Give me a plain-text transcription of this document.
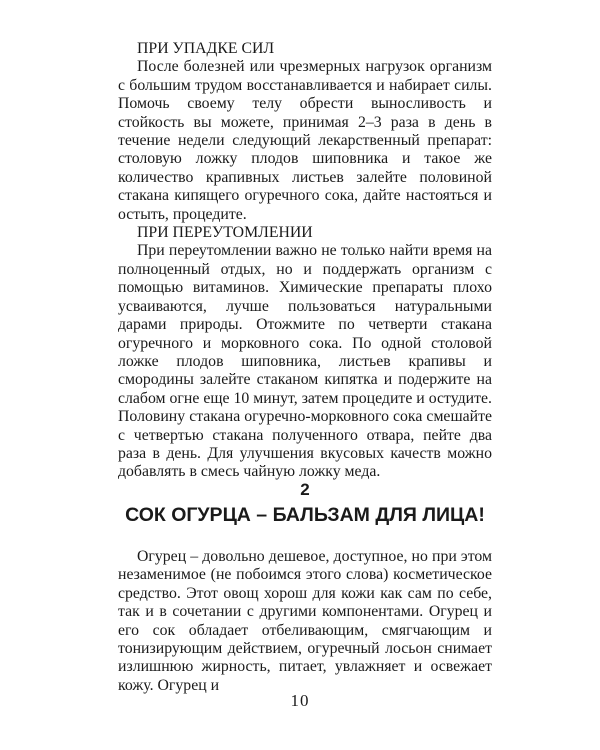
ПРИ УПАДКЕ СИЛ

После болезней или чрезмерных нагрузок организм с большим трудом восстанавливается и набирает силы. Помочь своему телу обрести выносливость и стойкость вы можете, принимая 2–3 раза в день в течение недели следующий лекарственный препарат: столовую ложку плодов шиповника и такое же количество крапивных листьев залейте половиной стакана кипящего огуречного сока, дайте настояться и остыть, процедите.

ПРИ ПЕРЕУТОМЛЕНИИ

При переутомлении важно не только найти время на полноценный отдых, но и поддержать организм с помощью витаминов. Химические препараты плохо усваиваются, лучше пользоваться натуральными дарами природы. Отожмите по четверти стакана огуречного и морковного сока. По одной столовой ложке плодов шиповника, листьев крапивы и смородины залейте стаканом кипятка и подержите на слабом огне еще 10 минут, затем процедите и остудите. Половину стакана огуречно-морковного сока смешайте с четвертью стакана полученного отвара, пейте два раза в день. Для улучшения вкусовых качеств можно добавлять в смесь чайную ложку меда.

2

СОК ОГУРЦА – БАЛЬЗАМ ДЛЯ ЛИЦА!

Огурец – довольно дешевое, доступное, но при этом незаменимое (не побоимся этого слова) косметическое средство. Этот овощ хорош для кожи как сам по себе, так и в сочетании с другими компонентами. Огурец и его сок обладает отбеливающим, смягчающим и тонизирующим действием, огуречный лосьон снимает излишнюю жирность, питает, увлажняет и освежает кожу. Огурец и

10
